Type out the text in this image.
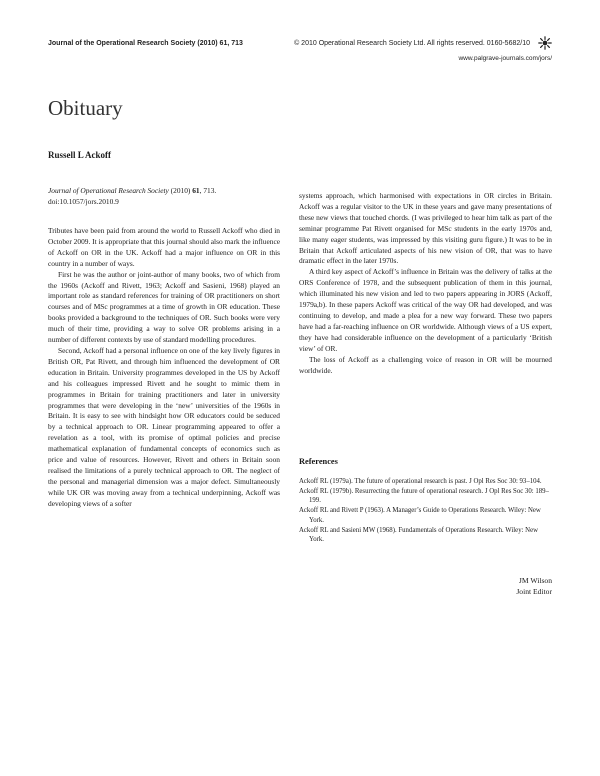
Journal of the Operational Research Society (2010) 61, 713	© 2010 Operational Research Society Ltd. All rights reserved. 0160-5682/10
www.palgrave-journals.com/jors/
Obituary
Russell L Ackoff
Journal of Operational Research Society (2010) 61, 713.
doi:10.1057/jors.2010.9

Tributes have been paid from around the world to Russell Ackoff who died in October 2009. It is appropriate that this journal should also mark the influence of Ackoff on OR in the UK. Ackoff had a major influence on OR in this country in a number of ways.

First he was the author or joint-author of many books, two of which from the 1960s (Ackoff and Rivett, 1963; Ackoff and Sasieni, 1968) played an important role as standard references for training of OR practitioners on short courses and of MSc programmes at a time of growth in OR education. These books provided a background to the techniques of OR. Such books were very much of their time, providing a way to solve OR problems arising in a number of different contexts by use of standard modelling procedures.

Second, Ackoff had a personal influence on one of the key lively figures in British OR, Pat Rivett, and through him influenced the development of OR education in Britain. University programmes developed in the US by Ackoff and his colleagues impressed Rivett and he sought to mimic them in programmes in Britain for training practitioners and later in university programmes that were developing in the ‘new’ universities of the 1960s in Britain. It is easy to see with hindsight how OR educators could be seduced by a technical approach to OR. Linear programming appeared to offer a revelation as a tool, with its promise of optimal policies and precise mathematical explanation of fundamental concepts of economics such as price and value of resources. However, Rivett and others in Britain soon realised the limitations of a purely technical approach to OR. The neglect of the personal and managerial dimension was a major defect. Simultaneously while UK OR was moving away from a technical underpinning, Ackoff was developing views of a softer

systems approach, which harmonised with expectations in OR circles in Britain. Ackoff was a regular visitor to the UK in these years and gave many presentations of these new views that touched chords. (I was privileged to hear him talk as part of the seminar programme Pat Rivett organised for MSc students in the early 1970s and, like many eager students, was impressed by this visiting guru figure.) It was to be in Britain that Ackoff articulated aspects of his new vision of OR, that was to have dramatic effect in the later 1970s.

A third key aspect of Ackoff’s influence in Britain was the delivery of talks at the ORS Conference of 1978, and the subsequent publication of them in this journal, which illuminated his new vision and led to two papers appearing in JORS (Ackoff, 1979a,b). In these papers Ackoff was critical of the way OR had developed, and was continuing to develop, and made a plea for a new way forward. These two papers have had a far-reaching influence on OR worldwide. Although views of a US expert, they have had considerable influence on the development of a particularly ‘British view’ of OR.

The loss of Ackoff as a challenging voice of reason in OR will be mourned worldwide.

References
Ackoff RL (1979a). The future of operational research is past. J Opl Res Soc 30: 93–104.
Ackoff RL (1979b). Resurrecting the future of operational research. J Opl Res Soc 30: 189–199.
Ackoff RL and Rivett P (1963). A Manager’s Guide to Operations Research. Wiley: New York.
Ackoff RL and Sasieni MW (1968). Fundamentals of Operations Research. Wiley: New York.
JM Wilson
Joint Editor
